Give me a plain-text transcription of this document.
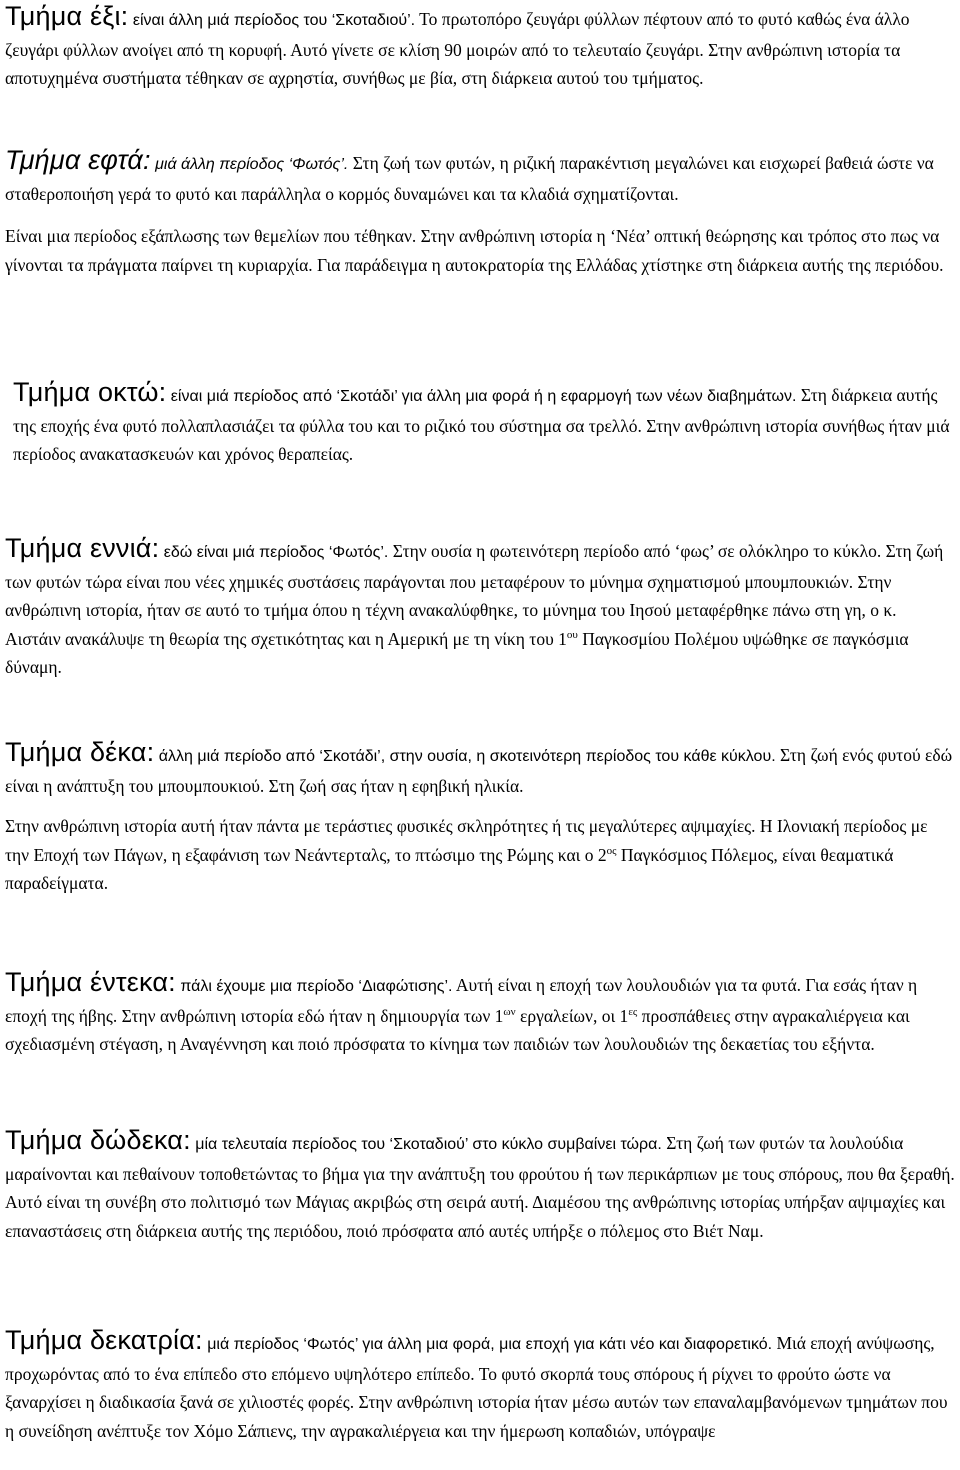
Τμήμα έξι: είναι άλλη μιά περίοδος του ‘Σκοταδιού’. Το πρωτοπόρο ζευγάρι φύλλων πέφτουν από το φυτό καθώς ένα άλλο ζευγάρι φύλλων ανοίγει από τη κορυφή. Αυτό γίνετε σε κλίση 90 μοιρών από το τελευταίο ζευγάρι. Στην ανθρώπινη ιστορία τα αποτυχημένα συστήματα τέθηκαν σε αχρηστία, συνήθως με βία, στη διάρκεια αυτού του τμήματος.

Τμήμα εφτά: μιά άλλη περίοδος ‘Φωτός’. Στη ζωή των φυτών, η ριζική παρακέντιση μεγαλώνει και εισχωρεί βαθειά ώστε να σταθεροποιήση γερά το φυτό και παράλληλα ο κορμός δυναμώνει και τα κλαδιά σχηματίζονται.

Είναι μια περίοδος εξάπλωσης των θεμελίων που τέθηκαν. Στην ανθρώπινη ιστορία η ‘Νέα’ οπτική θεώρησης και τρόπος στο πως να γίνονται τα πράγματα παίρνει τη κυριαρχία. Για παράδειγμα η αυτοκρατορία της Ελλάδας χτίστηκε στη διάρκεια αυτής της περιόδου.

Τμήμα οκτώ: είναι μιά περίοδος από ‘Σκοτάδι’ για άλλη μια φορά ή η εφαρμογή των νέων διαβημάτων. Στη διάρκεια αυτής της εποχής ένα φυτό πολλαπλασιάζει τα φύλλα του και το ριζικό του σύστημα σα τρελλό. Στην ανθρώπινη ιστορία συνήθως ήταν μιά περίοδος ανακατασκευών και χρόνος θεραπείας.

Τμήμα εννιά: εδώ είναι μιά περίοδος ‘Φωτός’. Στην ουσία η φωτεινότερη περίοδο από ‘φως’ σε ολόκληρο το κύκλο. Στη ζωή των φυτών τώρα είναι που νέες χημικές συστάσεις παράγονται που μεταφέρουν το μύνημα σχηματισμού μπουμπουκιών. Στην ανθρώπινη ιστορία, ήταν σε αυτό το τμήμα όπου η τέχνη ανακαλύφθηκε, το μύνημα του Ιησού μεταφέρθηκε πάνω στη γη, ο κ. Αιστάιν ανακάλυψε τη θεωρία της σχετικότητας και η Αμερική με τη νίκη του $1^{o\upsilon}$ Παγκοσμίου Πολέμου υψώθηκε σε παγκόσμια δύναμη.

Τμήμα δέκα: άλλη μιά περίοδο από ‘Σκοτάδι’, στην ουσία, η σκοτεινότερη περίοδος του κάθε κύκλου. Στη ζωή ενός φυτού εδώ είναι η ανάπτυξη του μπουμπουκιού. Στη ζωή σας ήταν η εφηβική ηλικία.

Στην ανθρώπινη ιστορία αυτή ήταν πάντα με τεράστιες φυσικές σκληρότητες ή τις μεγαλύτερες αψιμαχίες. Η Ιλονιακή περίοδος με την Εποχή των Πάγων, η εξαφάνιση των Νεάντερταλς, το πτώσιμο της Ρώμης και ο $2^{o\varsigma}$ Παγκόσμιος Πόλεμος, είναι θεαματικά παραδείγματα.

Τμήμα έντεκα: πάλι έχουμε μια περίοδο ‘Διαφώτισης’. Αυτή είναι η εποχή των λουλουδιών για τα φυτά. Για εσάς ήταν η εποχή της ήβης. Στην ανθρώπινη ιστορία εδώ ήταν η δημιουργία των $1^{\omega\nu}$ εργαλείων, οι $1^{\varepsilon\varsigma}$ προσπάθειες στην αγρακαλιέργεια και σχεδιασμένη στέγαση, η Αναγέννηση και ποιό πρόσφατα το κίνημα των παιδιών των λουλουδιών της δεκαετίας του εξήντα.

Τμήμα δώδεκα: μία τελευταία περίοδος του ‘Σκοταδιού’ στο κύκλο συμβαίνει τώρα. Στη ζωή των φυτών τα λουλούδια μαραίνονται και πεθαίνουν τοποθετώντας το βήμα για την ανάπτυξη του φρούτου ή των περικάρπιων με τους σπόρους, που θα ξεραθή. Αυτό είναι τη συνέβη στο πολιτισμό των Μάγιας ακριβώς στη σειρά αυτή. Διαμέσου της ανθρώπινης ιστορίας υπήρξαν αψιμαχίες και επαναστάσεις στη διάρκεια αυτής της περιόδου, ποιό πρόσφατα από αυτές υπήρξε ο πόλεμος στο Βιέτ Ναμ.

Τμήμα δεκατρία: μιά περίοδος ‘Φωτός’ για άλλη μια φορά, μια εποχή για κάτι νέο και διαφορετικό. Μιά εποχή ανύψωσης, προχωρόντας από το ένα επίπεδο στο επόμενο υψηλότερο επίπεδο. Το φυτό σκορπά τους σπόρους ή ρίχνει το φρούτο ώστε να ξαναρχίσει η διαδικασία ξανά σε χιλιοστές φορές. Στην ανθρώπινη ιστορία ήταν μέσω αυτών των επαναλαμβανόμενων τμημάτων που η συνείδηση ανέπτυξε τον Χόμο Σάπιενς, την αγρακαλιέργεια και την ήμερωση κοπαδιών, υπόγραψε
